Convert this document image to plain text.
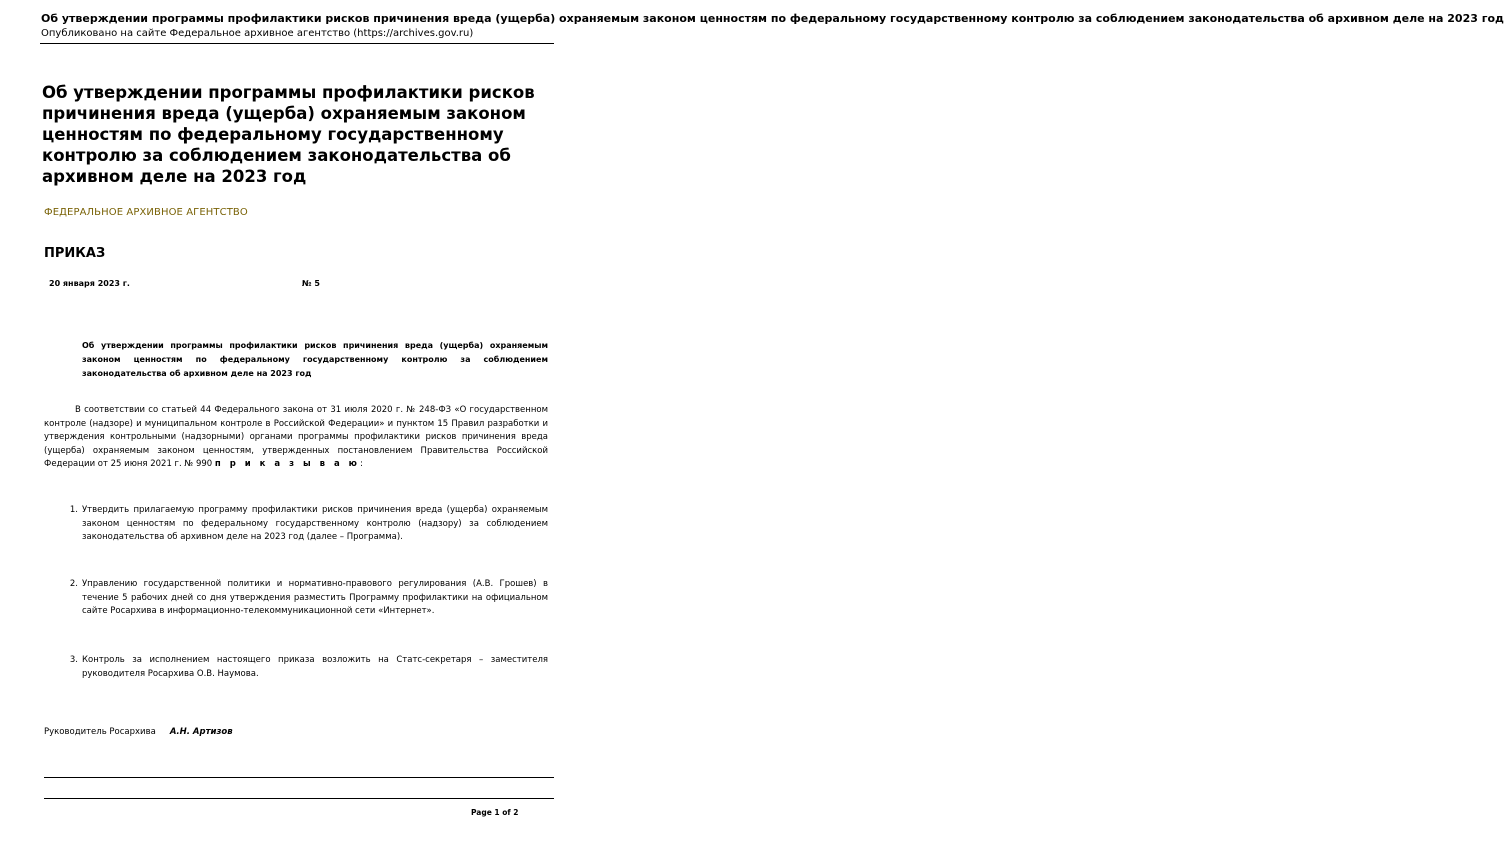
Об утверждении программы профилактики рисков причинения вреда (ущерба) охраняемым законом ценностям по федеральному государственному контролю за соблюдением законодательства об архивном деле на 2023 год
Опубликовано на сайте Федеральное архивное агентство (https://archives.gov.ru)
Об утверждении программы профилактики рисков причинения вреда (ущерба) охраняемым законом ценностям по федеральному государственному контролю за соблюдением законодательства об архивном деле на 2023 год
ФЕДЕРАЛЬНОЕ АРХИВНОЕ АГЕНТСТВО
ПРИКАЗ
20 января 2023 г.	№ 5
Об утверждении программы профилактики рисков причинения вреда (ущерба) охраняемым законом ценностям по федеральному государственному контролю за соблюдением законодательства об архивном деле на 2023 год
В соответствии со статьей 44 Федерального закона от 31 июля 2020 г. № 248-ФЗ «О государственном контроле (надзоре) и муниципальном контроле в Российской Федерации» и пунктом 15 Правил разработки и утверждения контрольными (надзорными) органами программы профилактики рисков причинения вреда (ущерба) охраняемым законом ценностям, утвержденных постановлением Правительства Российской Федерации от 25 июня 2021 г. № 990 п р и к а з ы в а ю:
1. Утвердить прилагаемую программу профилактики рисков причинения вреда (ущерба) охраняемым законом ценностям по федеральному государственному контролю (надзору) за соблюдением законодательства об архивном деле на 2023 год (далее – Программа).
2. Управлению государственной политики и нормативно-правового регулирования (А.В. Грошев) в течение 5 рабочих дней со дня утверждения разместить Программу профилактики на официальном сайте Росархива в информационно-телекоммуникационной сети «Интернет».
3. Контроль за исполнением настоящего приказа возложить на Статс-секретаря – заместителя руководителя Росархива О.В. Наумова.
Руководитель Росархива А.Н. Артизов
Page 1 of 2
